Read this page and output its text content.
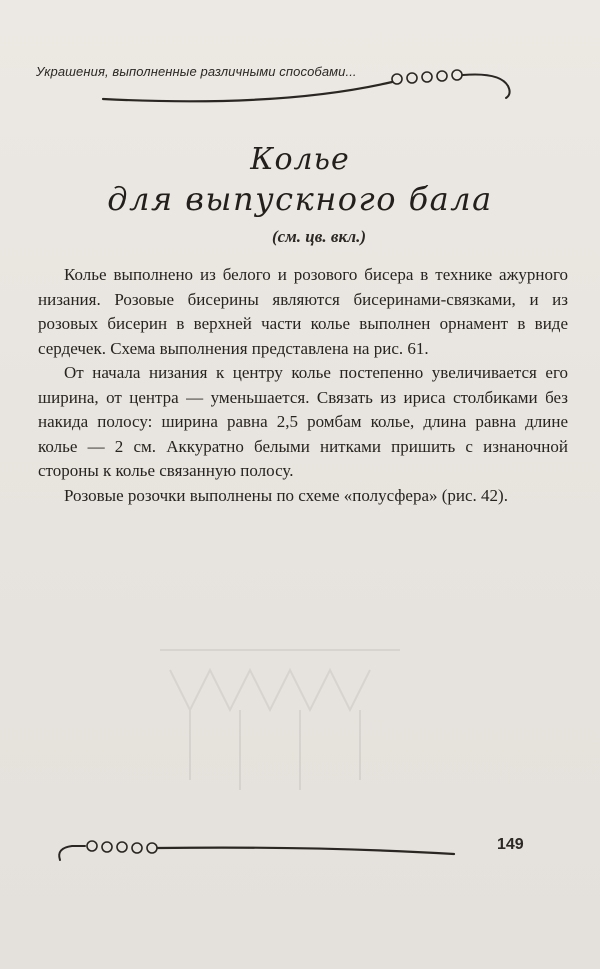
Украшения, выполненные различными способами...
Колье
для выпускного бала
(см. цв. вкл.)

Колье выполнено из белого и розового бисера в технике ажурного низания. Розовые бисерины являются бисеринами-связками, и из розовых бисерин в верхней части колье выполнен орнамент в виде сердечек. Схема выполнения представлена на рис. 61.

От начала низания к центру колье постепенно увеличивается его ширина, от центра — уменьшается. Связать из ириса столбиками без накида полосу: ширина равна 2,5 ромбам колье, длина равна длине колье — 2 см. Аккуратно белыми нитками пришить с изнаночной стороны к колье связанную полосу.

Розовые розочки выполнены по схеме «полусфера» (рис. 42).

149
